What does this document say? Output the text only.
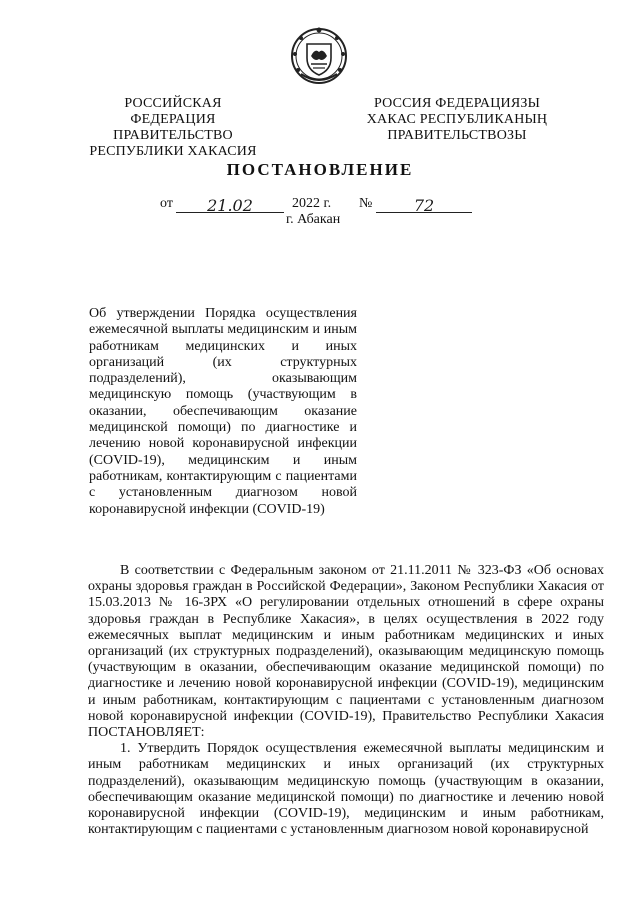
РОССИЙСКАЯ ФЕДЕРАЦИЯ
ПРАВИТЕЛЬСТВО
РЕСПУБЛИКИ ХАКАСИЯ
РОССИЯ ФЕДЕРАЦИЯЗЫ
ХАКАС РЕСПУБЛИКАНЫҢ
ПРАВИТЕЛЬСТВОЗЫ
ПОСТАНОВЛЕНИЕ
от	21.02	2022 г. №	72
г. Абакан
Об утверждении Порядка осуществления ежемесячной выплаты медицинским и иным работникам медицинских и иных организаций (их структурных подразделений), оказывающим медицинскую помощь (участвующим в оказании, обеспечивающим оказание медицинской помощи) по диагностике и лечению новой коронавирусной инфекции (COVID-19), медицинским и иным работникам, контактирующим с пациентами с установленным диагнозом новой коронавирусной инфекции (COVID-19)

В соответствии с Федеральным законом от 21.11.2011 № 323-ФЗ «Об основах охраны здоровья граждан в Российской Федерации», Законом Республики Хакасия от 15.03.2013 № 16-ЗРХ «О регулировании отдельных отношений в сфере охраны здоровья граждан в Республике Хакасия», в целях осуществления в 2022 году ежемесячных выплат медицинским и иным работникам медицинских и иных организаций (их структурных подразделений), оказывающим медицинскую помощь (участвующим в оказании, обеспечивающим оказание медицинской помощи) по диагностике и лечению новой коронавирусной инфекции (COVID-19), медицинским и иным работникам, контактирующим с пациентами с установленным диагнозом новой коронавирусной инфекции (COVID-19), Правительство Республики Хакасия ПОСТАНОВЛЯЕТ:

1. Утвердить Порядок осуществления ежемесячной выплаты медицинским и иным работникам медицинских и иных организаций (их структурных подразделений), оказывающим медицинскую помощь (участвующим в оказании, обеспечивающим оказание медицинской помощи) по диагностике и лечению новой коронавирусной инфекции (COVID-19), медицинским и иным работникам, контактирующим с пациентами с установленным диагнозом новой коронавирусной
